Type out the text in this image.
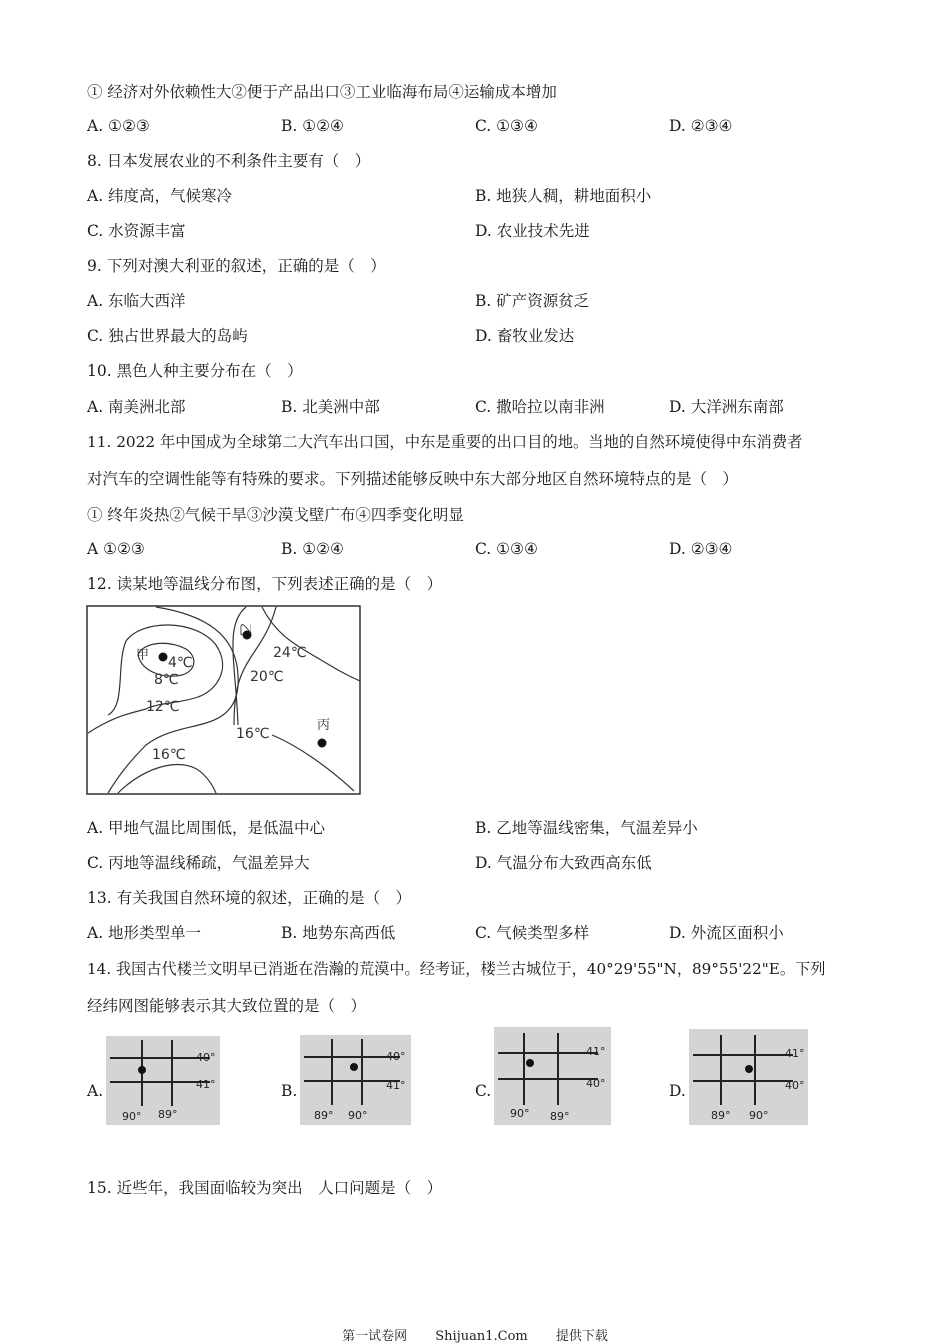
① 经济对外依赖性大②便于产品出口③工业临海布局④运输成本增加
A. ①②③	B. ①②④	C. ①③④	D. ②③④
8. 日本发展农业的不利条件主要有（　）
A. 纬度高，气候寒冷	B. 地狭人稠，耕地面积小
C. 水资源丰富	D. 农业技术先进
9. 下列对澳大利亚的叙述，正确的是（　）
A. 东临大西洋	B. 矿产资源贫乏
C. 独占世界最大的岛屿	D. 畜牧业发达
10. 黑色人种主要分布在（　）
A. 南美洲北部	B. 北美洲中部	C. 撒哈拉以南非洲	D. 大洋洲东南部
11. 2022 年中国成为全球第二大汽车出口国，中东是重要的出口目的地。当地的自然环境使得中东消费者
对汽车的空调性能等有特殊的要求。下列描述能够反映中东大部分地区自然环境特点的是（　）
① 终年炎热②气候干旱③沙漠戈壁广布④四季变化明显
A ①②③	B. ①②④	C. ①③④	D. ②③④
12. 读某地等温线分布图，下列表述正确的是（　）
甲
乙
丙
4℃
8℃
12℃
16℃
16℃
20℃
24℃
A. 甲地气温比周围低，是低温中心	B. 乙地等温线密集，气温差异小
C. 丙地等温线稀疏，气温差异大	D. 气温分布大致西高东低
13. 有关我国自然环境的叙述，正确的是（　）
A. 地形类型单一	B. 地势东高西低	C. 气候类型多样	D. 外流区面积小
14. 我国古代楼兰文明早已消逝在浩瀚的荒漠中。经考证，楼兰古城位于，40°29'55"N，89°55'22"E。下列
经纬网图能够表示其大致位置的是（　）
A.
40°
41°
90° 89°
B.
40°
41°
89° 90°
C.
41°
40°
90° 89°
D.
41°
40°
89° 90°
15. 近些年，我国面临较为突出　人口问题是（　）
第一试卷网 Shijuan1.Com 提供下载
